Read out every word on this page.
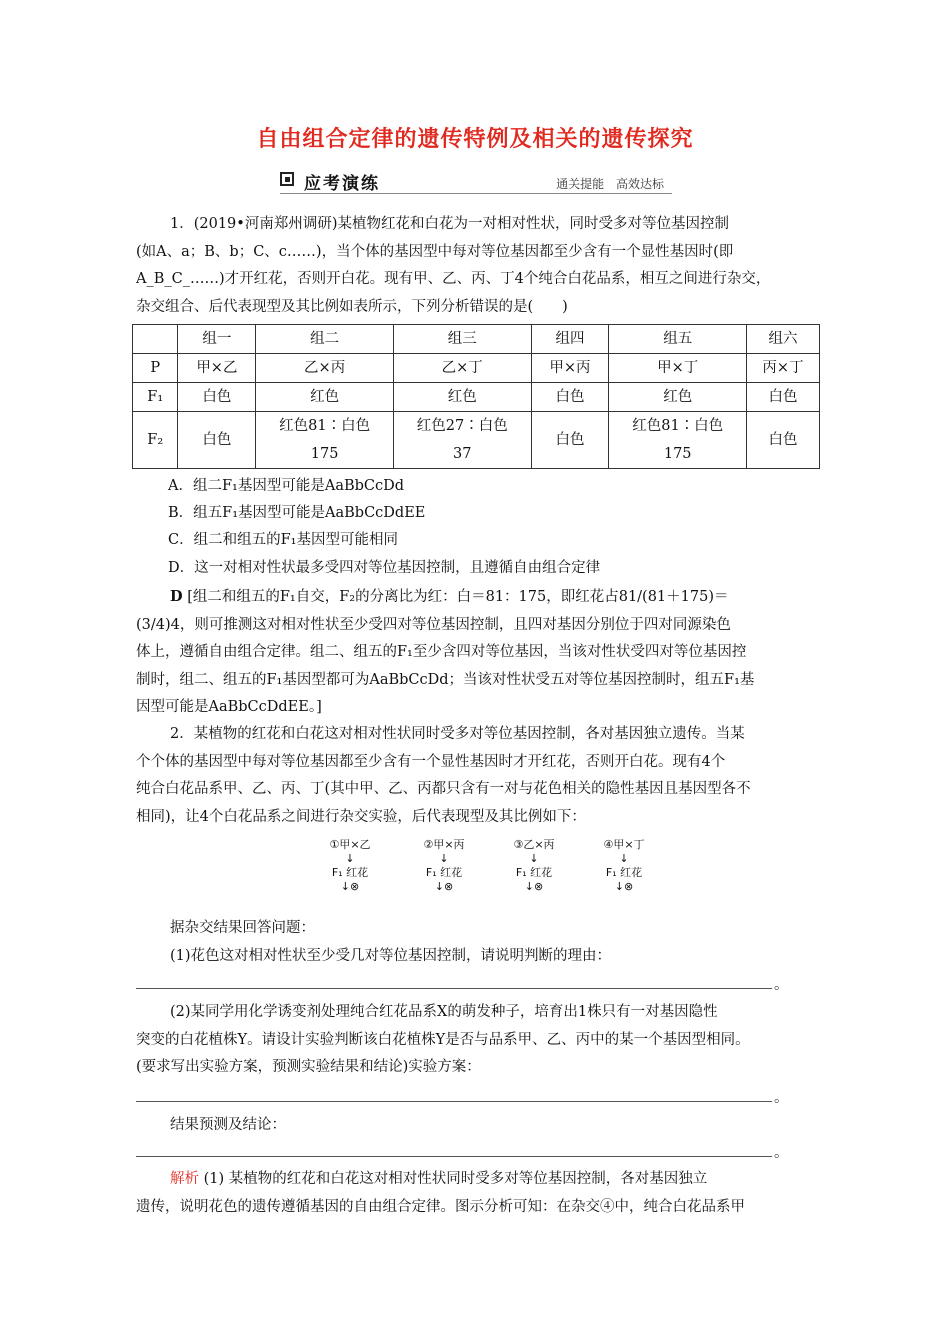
自由组合定律的遗传特例及相关的遗传探究
应考演练	通关提能 高效达标
1．(2019•河南郑州调研)某植物红花和白花为一对相对性状，同时受多对等位基因控制
(如A、a；B、b；C、c……)，当个体的基因型中每对等位基因都至少含有一个显性基因时(即
A_B_C_……)才开红花，否则开白花。现有甲、乙、丙、丁4个纯合白花品系，相互之间进行杂交，
杂交组合、后代表现型及其比例如表所示，下列分析错误的是(　　)
	组一	组二	组三	组四	组五	组六
P	甲×乙	乙×丙	乙×丁	甲×丙	甲×丁	丙×丁
F₁	白色	红色	红色	白色	红色	白色
F₂	白色	红色81∶白色175	红色27∶白色37	白色	红色81∶白色175	白色
A．组二F₁基因型可能是AaBbCcDd
B．组五F₁基因型可能是AaBbCcDdEE
C．组二和组五的F₁基因型可能相同
D．这一对相对性状最多受四对等位基因控制，且遵循自由组合定律
D [组二和组五的F₁自交，F₂的分离比为红：白＝81：175，即红花占81/(81＋175)＝
(3/4)4，则可推测这对相对性状至少受四对等位基因控制，且四对基因分别位于四对同源染色
体上，遵循自由组合定律。组二、组五的F₁至少含四对等位基因，当该对性状受四对等位基因控
制时，组二、组五的F₁基因型都可为AaBbCcDd；当该对性状受五对等位基因控制时，组五F₁基
因型可能是AaBbCcDdEE。]
2．某植物的红花和白花这对相对性状同时受多对等位基因控制，各对基因独立遗传。当某
个个体的基因型中每对等位基因都至少含有一个显性基因时才开红花，否则开白花。现有4个
纯合白花品系甲、乙、丙、丁(其中甲、乙、丙都只含有一对与花色相关的隐性基因且基因型各不
相同)，让4个白花品系之间进行杂交实验，后代表现型及其比例如下：
①甲×乙
↓
F₁ 红花
↓⊗
②甲×丙
↓
F₁ 红花
↓⊗
③乙×丙
↓
F₁ 红花
↓⊗
④甲×丁
↓
F₁ 红花
↓⊗
据杂交结果回答问题：
(1)花色这对相对性状至少受几对等位基因控制，请说明判断的理由：
。
(2)某同学用化学诱变剂处理纯合红花品系X的萌发种子，培育出1株只有一对基因隐性
突变的白花植株Y。请设计实验判断该白花植株Y是否与品系甲、乙、丙中的某一个基因型相同。
(要求写出实验方案，预测实验结果和结论)实验方案：
。
结果预测及结论：
。
解析 (1) 某植物的红花和白花这对相对性状同时受多对等位基因控制，各对基因独立
遗传，说明花色的遗传遵循基因的自由组合定律。图示分析可知：在杂交④中，纯合白花品系甲
